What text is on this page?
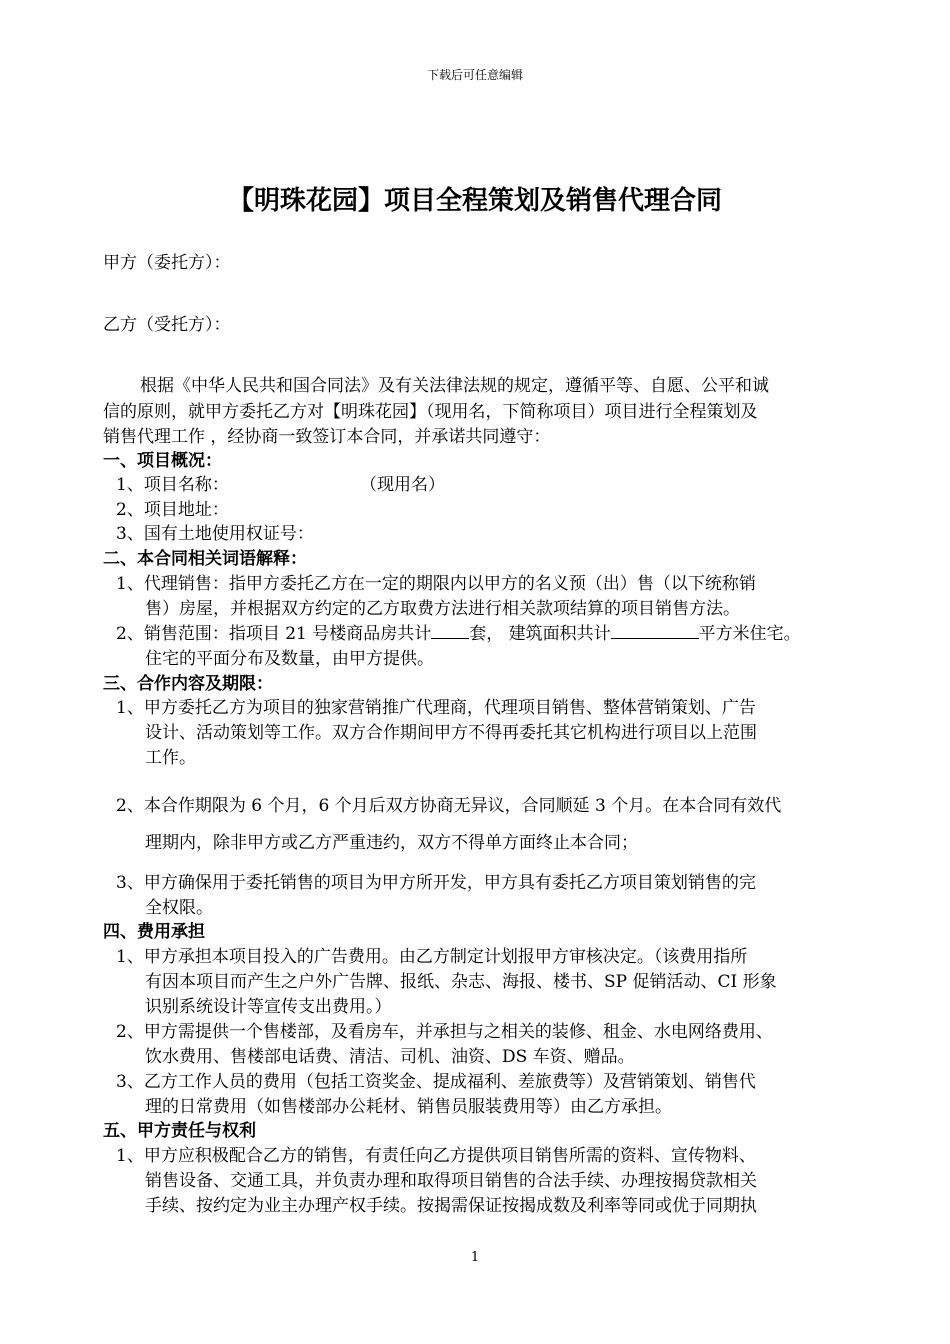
下载后可任意编辑
【明珠花园】项目全程策划及销售代理合同
甲方（委托方）：
乙方（受托方）：
根据《中华人民共和国合同法》及有关法律法规的规定，遵循平等、自愿、公平和诚
信的原则，就甲方委托乙方对【明珠花园】（现用名，下简称项目）项目进行全程策划及
销售代理工作 ，经协商一致签订本合同，并承诺共同遵守：
一、项目概况：
1、项目名称：	（现用名）
2、项目地址：
3、国有土地使用权证号：
二、本合同相关词语解释：
1、代理销售：指甲方委托乙方在一定的期限内以甲方的名义预（出）售（以下统称销
售）房屋，并根据双方约定的乙方取费方法进行相关款项结算的项目销售方法。
2、销售范围：指项目 21 号楼商品房共计 套， 建筑面积共计	平方米住宅。
住宅的平面分布及数量，由甲方提供。
三、合作内容及期限：
1、甲方委托乙方为项目的独家营销推广代理商，代理项目销售、整体营销策划、广告
设计、活动策划等工作。双方合作期间甲方不得再委托其它机构进行项目以上范围
工作。
2、本合作期限为 6 个月，6 个月后双方协商无异议，合同顺延 3 个月。在本合同有效代
理期内，除非甲方或乙方严重违约，双方不得单方面终止本合同；
3、甲方确保用于委托销售的项目为甲方所开发，甲方具有委托乙方项目策划销售的完
全权限。
四、费用承担
1、甲方承担本项目投入的广告费用。由乙方制定计划报甲方审核决定。（该费用指所
有因本项目而产生之户外广告牌、报纸、杂志、海报、楼书、SP 促销活动、CI 形象
识别系统设计等宣传支出费用。）
2、甲方需提供一个售楼部，及看房车，并承担与之相关的装修、租金、水电网络费用、
饮水费用、售楼部电话费、清洁、司机、油资、DS 车资、赠品。
3、乙方工作人员的费用（包括工资奖金、提成福利、差旅费等）及营销策划、销售代
理的日常费用（如售楼部办公耗材、销售员服装费用等）由乙方承担。
五、甲方责任与权利
1、甲方应积极配合乙方的销售，有责任向乙方提供项目销售所需的资料、宣传物料、
销售设备、交通工具，并负责办理和取得项目销售的合法手续、办理按揭贷款相关
手续、按约定为业主办理产权手续。按揭需保证按揭成数及利率等同或优于同期执
1
